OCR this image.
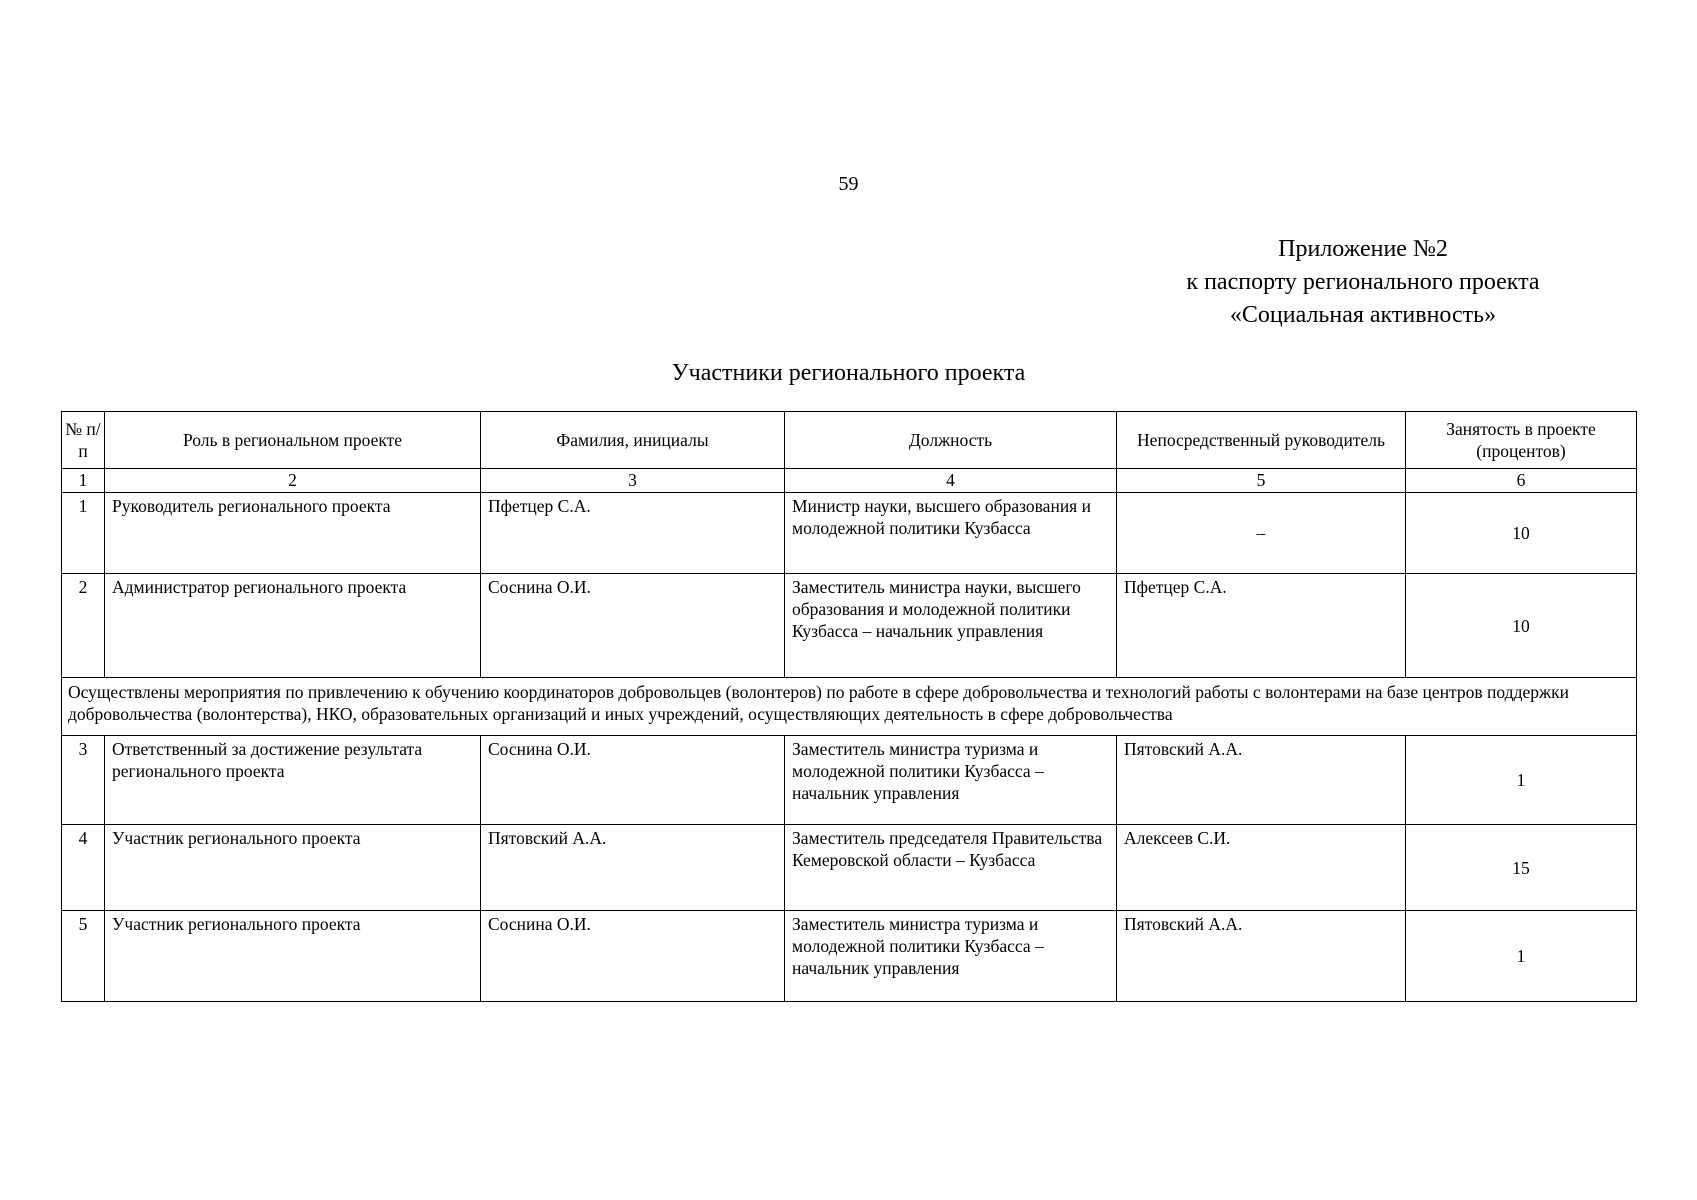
59
Приложение №2
к паспорту регионального проекта
«Социальная активность»
Участники регионального проекта
№ п/п	Роль в региональном проекте	Фамилия, инициалы	Должность	Непосредственный руководитель	Занятость в проекте (процентов)
1	2	3	4	5	6
1	Руководитель регионального проекта	Пфетцер С.А.	Министр науки, высшего образования и молодежной политики Кузбасса	–	10
2	Администратор регионального проекта	Соснина О.И.	Заместитель министра науки, высшего образования и молодежной политики Кузбасса – начальник управления	Пфетцер С.А.	10
Осуществлены мероприятия по привлечению к обучению координаторов добровольцев (волонтеров) по работе в сфере добровольчества и технологий работы с волонтерами на базе центров поддержки добровольчества (волонтерства), НКО, образовательных организаций и иных учреждений, осуществляющих деятельность в сфере добровольчества					
3	Ответственный за достижение результата регионального проекта	Соснина О.И.	Заместитель министра туризма и молодежной политики Кузбасса – начальник управления	Пятовский А.А.	1
4	Участник регионального проекта	Пятовский А.А.	Заместитель председателя Правительства Кемеровской области – Кузбасса	Алексеев С.И.	15
5	Участник регионального проекта	Соснина О.И.	Заместитель министра туризма и молодежной политики Кузбасса – начальник управления	Пятовский А.А.	1
